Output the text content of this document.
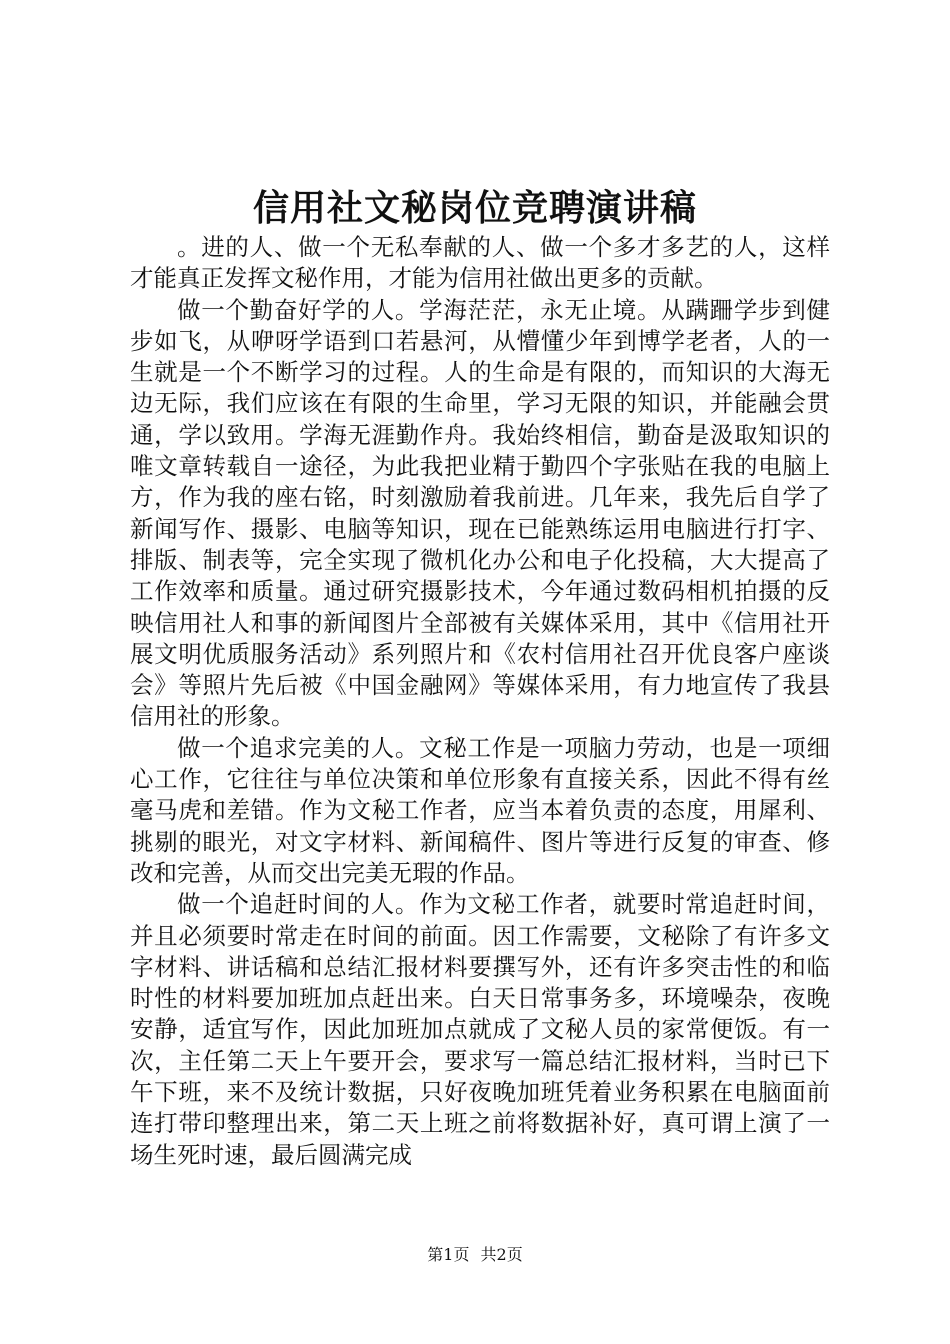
信用社文秘岗位竞聘演讲稿

。进的人、做一个无私奉献的人、做一个多才多艺的人，这样才能真正发挥文秘作用，才能为信用社做出更多的贡献。

做一个勤奋好学的人。学海茫茫，永无止境。从蹒跚学步到健步如飞，从咿呀学语到口若悬河，从懵懂少年到博学老者，人的一生就是一个不断学习的过程。人的生命是有限的，而知识的大海无边无际，我们应该在有限的生命里，学习无限的知识，并能融会贯通，学以致用。学海无涯勤作舟。我始终相信，勤奋是汲取知识的唯文章转载自一途径，为此我把业精于勤四个字张贴在我的电脑上方，作为我的座右铭，时刻激励着我前进。几年来，我先后自学了新闻写作、摄影、电脑等知识，现在已能熟练运用电脑进行打字、排版、制表等，完全实现了微机化办公和电子化投稿，大大提高了工作效率和质量。通过研究摄影技术，今年通过数码相机拍摄的反映信用社人和事的新闻图片全部被有关媒体采用，其中《信用社开展文明优质服务活动》系列照片和《农村信用社召开优良客户座谈会》等照片先后被《中国金融网》等媒体采用，有力地宣传了我县信用社的形象。

做一个追求完美的人。文秘工作是一项脑力劳动，也是一项细心工作，它往往与单位决策和单位形象有直接关系，因此不得有丝毫马虎和差错。作为文秘工作者，应当本着负责的态度，用犀利、挑剔的眼光，对文字材料、新闻稿件、图片等进行反复的审查、修改和完善，从而交出完美无瑕的作品。

做一个追赶时间的人。作为文秘工作者，就要时常追赶时间，并且必须要时常走在时间的前面。因工作需要，文秘除了有许多文字材料、讲话稿和总结汇报材料要撰写外，还有许多突击性的和临时性的材料要加班加点赶出来。白天日常事务多，环境噪杂，夜晚安静，适宜写作，因此加班加点就成了文秘人员的家常便饭。有一次，主任第二天上午要开会，要求写一篇总结汇报材料，当时已下午下班，来不及统计数据，只好夜晚加班凭着业务积累在电脑面前连打带印整理出来，第二天上班之前将数据补好，真可谓上演了一场生死时速，最后圆满完成

第1页 共2页
